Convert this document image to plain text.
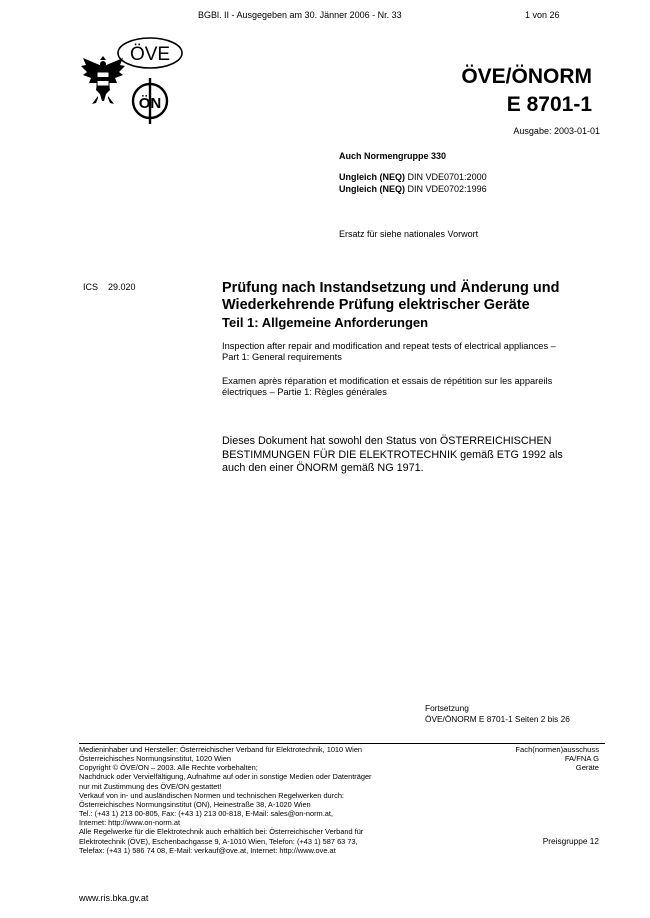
BGBl. II - Ausgegeben am 30. Jänner 2006 - Nr. 33	1 von 26
ÖVE
ÖN
ÖVE/ÖNORM
E 8701-1
Ausgabe: 2003-01-01
Auch Normengruppe 330
Ungleich (NEQ) DIN VDE0701:2000
Ungleich (NEQ) DIN VDE0702:1996
Ersatz für siehe nationales Vorwort
ICS 29.020	Prüfung nach Instandsetzung und Änderung und
Wiederkehrende Prüfung elektrischer Geräte
Teil 1: Allgemeine Anforderungen
Inspection after repair and modification and repeat tests of electrical appliances –
Part 1: General requirements
Examen après réparation et modification et essais de répétition sur les appareils
électriques – Partie 1: Règles générales
Dieses Dokument hat sowohl den Status von ÖSTERREICHISCHEN
BESTIMMUNGEN FÜR DIE ELEKTROTECHNIK gemäß ETG 1992 als
auch den einer ÖNORM gemäß NG 1971.
Fortsetzung
ÖVE/ÖNORM E 8701-1 Seiten 2 bis 26
Medieninhaber und Hersteller: Österreichischer Verband für Elektrotechnik, 1010 Wien
Österreichisches Normungsinstitut, 1020 Wien
Copyright © ÖVE/ON – 2003. Alle Rechte vorbehalten;
Nachdruck oder Vervielfältigung, Aufnahme auf oder in sonstige Medien oder Datenträger
nur mit Zustimmung des ÖVE/ON gestattet!
Verkauf von in- und ausländischen Normen und technischen Regelwerken durch:
Österreichisches Normungsinstitut (ON), Heinestraße 38, A-1020 Wien
Tel.: (+43 1) 213 00-805, Fax: (+43 1) 213 00-818, E-Mail: sales@on-norm.at,
Internet: http://www.on-norm.at
Alle Regelwerke für die Elektrotechnik auch erhältlich bei: Österreichischer Verband für
Elektrotechnik (ÖVE), Eschenbachgasse 9, A-1010 Wien, Telefon: (+43 1) 587 63 73,
Telefax: (+43 1) 586 74 08, E-Mail: verkauf@ove.at, Internet: http://www.ove.at
Fach(normen)ausschuss
FA/FNA G
Geräte
Preisgruppe 12
www.ris.bka.gv.at
